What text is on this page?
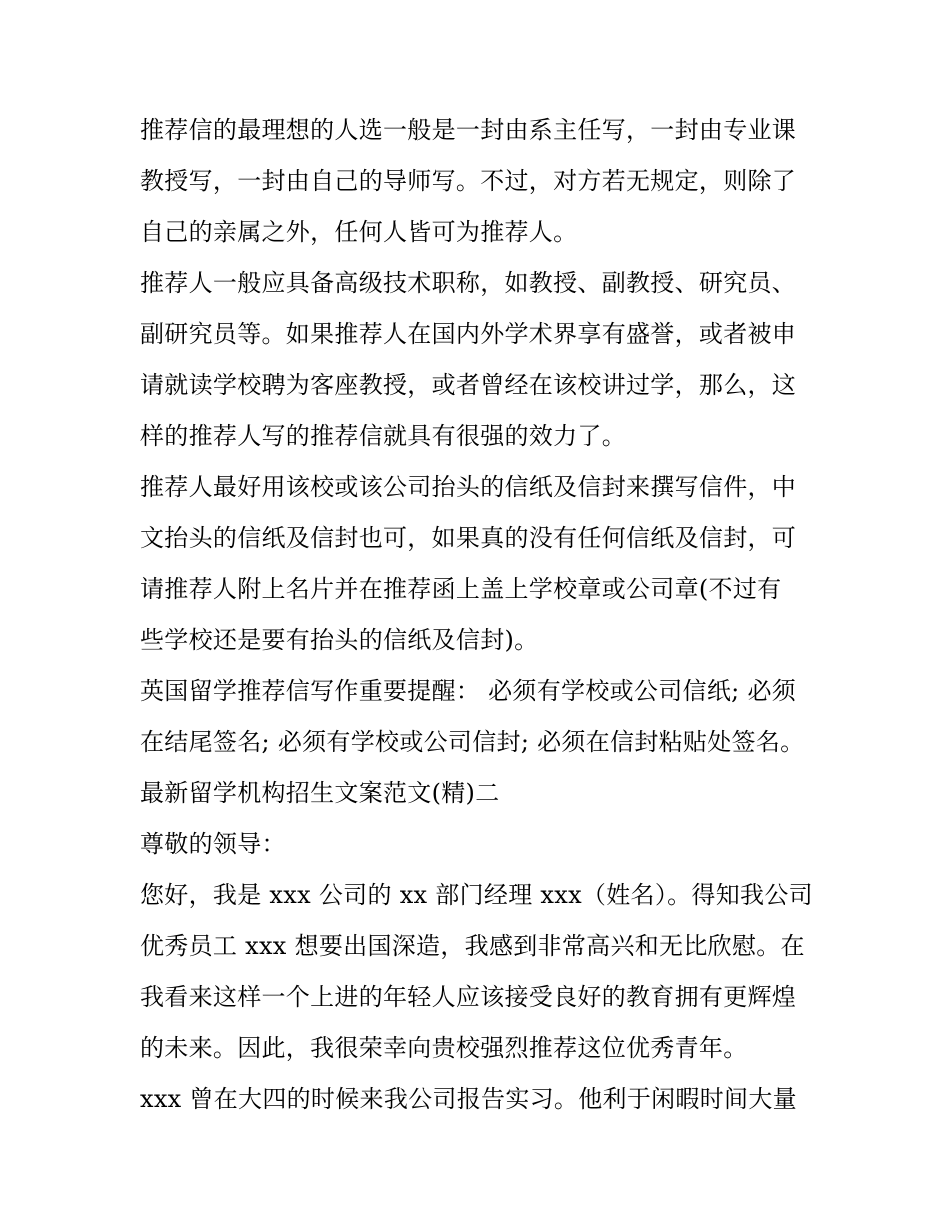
推荐信的最理想的人选一般是一封由系主任写，一封由专业课
教授写，一封由自己的导师写。不过，对方若无规定，则除了
自己的亲属之外，任何人皆可为推荐人。
推荐人一般应具备高级技术职称，如教授、副教授、研究员、
副研究员等。如果推荐人在国内外学术界享有盛誉，或者被申
请就读学校聘为客座教授，或者曾经在该校讲过学，那么，这
样的推荐人写的推荐信就具有很强的效力了。
推荐人最好用该校或该公司抬头的信纸及信封来撰写信件，中
文抬头的信纸及信封也可，如果真的没有任何信纸及信封，可
请推荐人附上名片并在推荐函上盖上学校章或公司章(不过有
些学校还是要有抬头的信纸及信封)。
英国留学推荐信写作重要提醒： 必须有学校或公司信纸; 必须
在结尾签名; 必须有学校或公司信封; 必须在信封粘贴处签名。
最新留学机构招生文案范文(精)二
尊敬的领导：
您好，我是 xxx 公司的 xx 部门经理 xxx（姓名）。得知我公司
优秀员工 xxx 想要出国深造，我感到非常高兴和无比欣慰。在
我看来这样一个上进的年轻人应该接受良好的教育拥有更辉煌
的未来。因此，我很荣幸向贵校强烈推荐这位优秀青年。
xxx 曾在大四的时候来我公司报告实习。他利于闲暇时间大量
